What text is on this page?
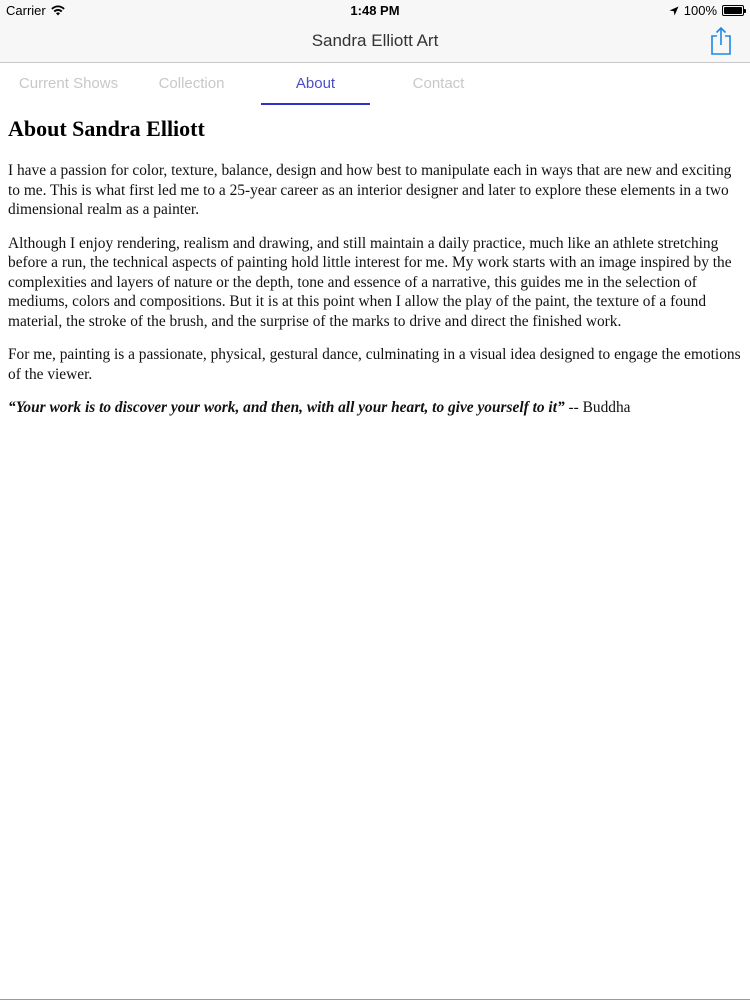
Carrier	1:48 PM	100%
Sandra Elliott Art
Current Shows	Collection	About	Contact
About Sandra Elliott

I have a passion for color, texture, balance, design and how best to manipulate each in ways that are new and exciting to me. This is what first led me to a 25-year career as an interior designer and later to explore these elements in a two dimensional realm as a painter.

Although I enjoy rendering, realism and drawing, and still maintain a daily practice, much like an athlete stretching before a run, the technical aspects of painting hold little interest for me. My work starts with an image inspired by the complexities and layers of nature or the depth, tone and essence of a narrative, this guides me in the selection of mediums, colors and compositions. But it is at this point when I allow the play of the paint, the texture of a found material, the stroke of the brush, and the surprise of the marks to drive and direct the finished work.

For me, painting is a passionate, physical, gestural dance, culminating in a visual idea designed to engage the emotions of the viewer.

“Your work is to discover your work, and then, with all your heart, to give yourself to it” -- Buddha
